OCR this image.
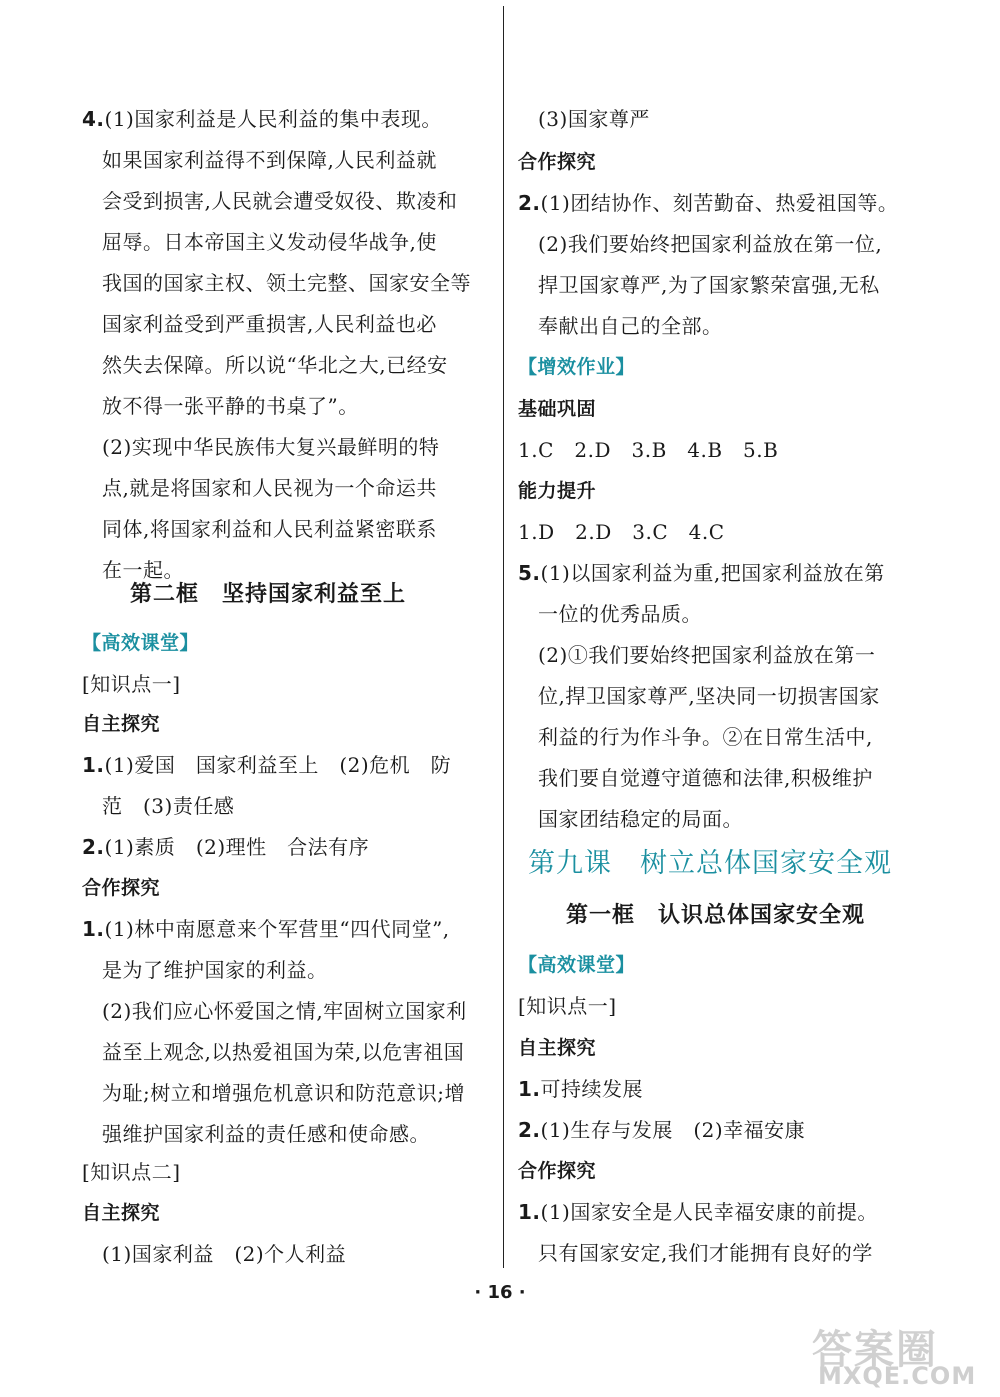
4.(1)国家利益是人民利益的集中表现。
如果国家利益得不到保障,人民利益就
会受到损害,人民就会遭受奴役、欺凌和
屈辱。日本帝国主义发动侵华战争,使
我国的国家主权、领土完整、国家安全等
国家利益受到严重损害,人民利益也必
然失去保障。所以说“华北之大,已经安
放不得一张平静的书桌了”。
(2)实现中华民族伟大复兴最鲜明的特
点,就是将国家和人民视为一个命运共
同体,将国家利益和人民利益紧密联系
在一起。
第二框　坚持国家利益至上
【高效课堂】
[知识点一]
自主探究
1.(1)爱国　国家利益至上　(2)危机　防
范　(3)责任感
2.(1)素质　(2)理性　合法有序
合作探究
1.(1)林中南愿意来个军营里“四代同堂”,
是为了维护国家的利益。
(2)我们应心怀爱国之情,牢固树立国家利
益至上观念,以热爱祖国为荣,以危害祖国
为耻;树立和增强危机意识和防范意识;增
强维护国家利益的责任感和使命感。
[知识点二]
自主探究
(1)国家利益　(2)个人利益
(3)国家尊严
合作探究
2.(1)团结协作、刻苦勤奋、热爱祖国等。
(2)我们要始终把国家利益放在第一位,
捍卫国家尊严,为了国家繁荣富强,无私
奉献出自己的全部。
【增效作业】
基础巩固
1.C　2.D　3.B　4.B　5.B
能力提升
1.D　2.D　3.C　4.C
5.(1)以国家利益为重,把国家利益放在第
一位的优秀品质。
(2)①我们要始终把国家利益放在第一
位,捍卫国家尊严,坚决同一切损害国家
利益的行为作斗争。②在日常生活中,
我们要自觉遵守道德和法律,积极维护
国家团结稳定的局面。
第九课　树立总体国家安全观
第一框　认识总体国家安全观
【高效课堂】
[知识点一]
自主探究
1.可持续发展
2.(1)生存与发展　(2)幸福安康
合作探究
1.(1)国家安全是人民幸福安康的前提。
只有国家安定,我们才能拥有良好的学
· 16 ·
答案圈
MXQE.COM
